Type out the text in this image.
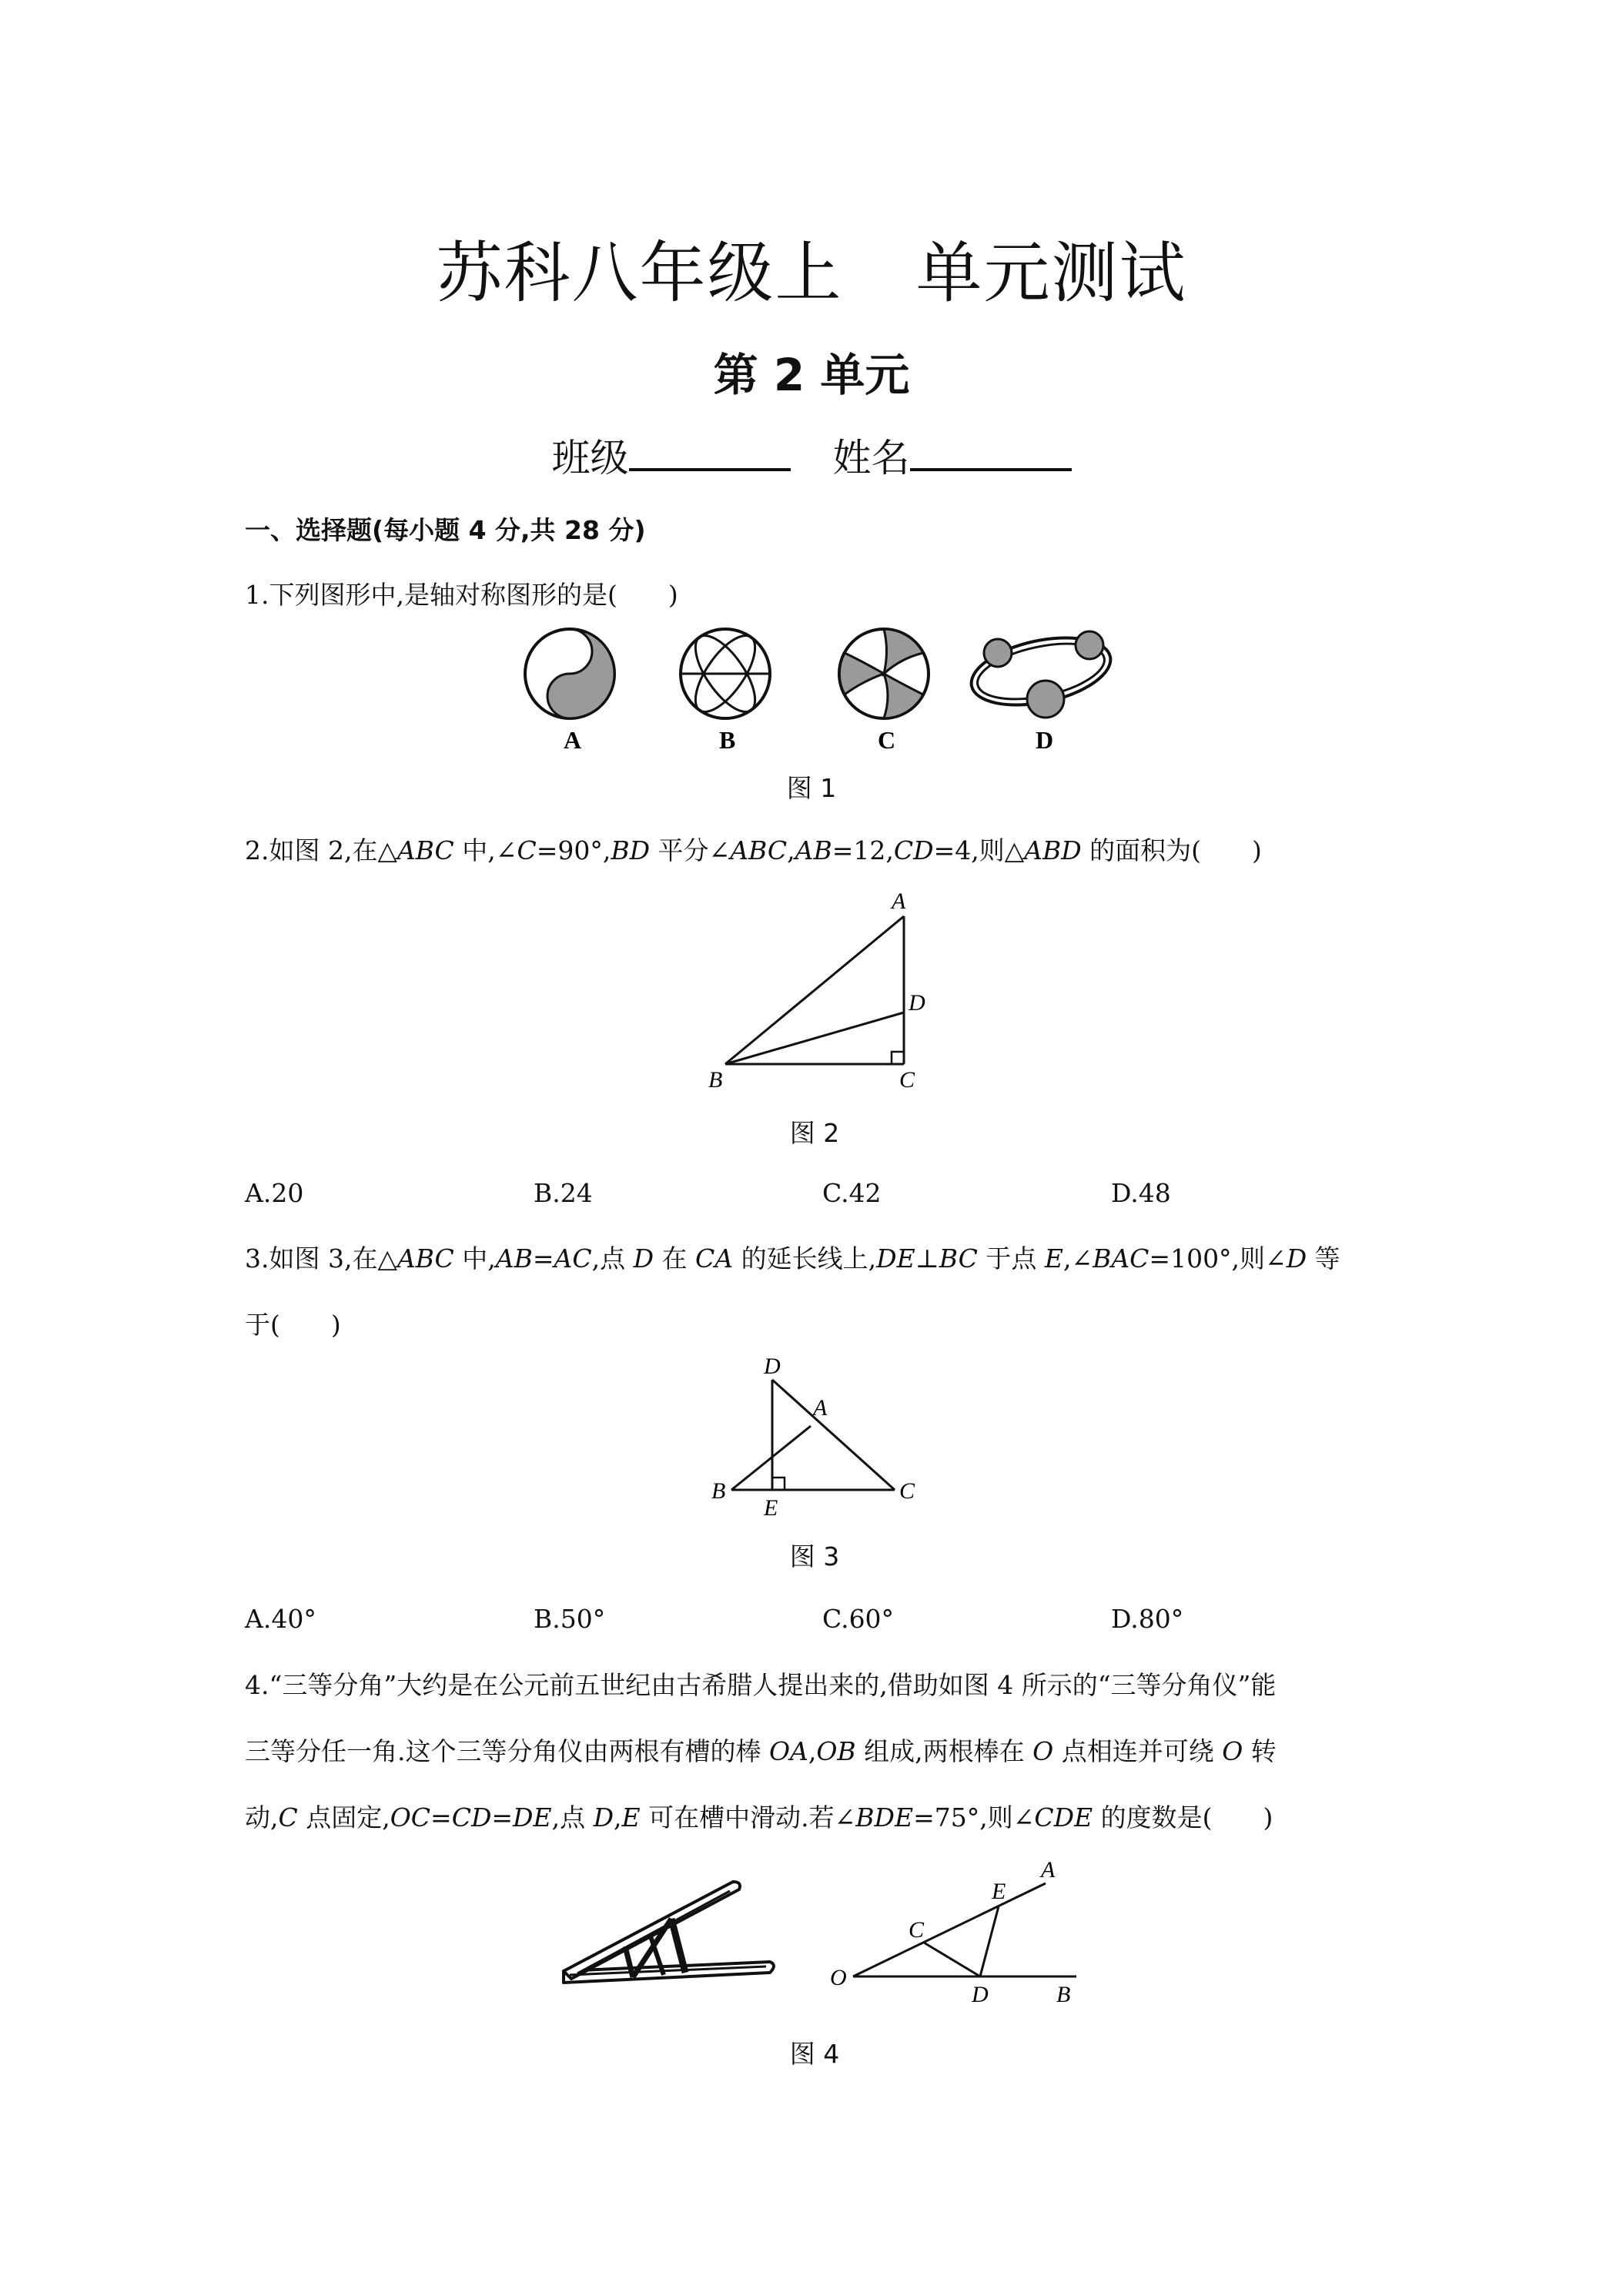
苏科八年级上 单元测试
第 2 单元
班级	姓名
一、选择题(每小题 4 分,共 28 分)
1.下列图形中,是轴对称图形的是(　　)
A	B	C	D
图 1
2.如图 2,在△ABC 中,∠C=90°,BD 平分∠ABC,AB=12,CD=4,则△ABD 的面积为(　　)
A
D
B	C
图 2
A.20	B.24	C.42	D.48
3.如图 3,在△ABC 中,AB=AC,点 D 在 CA 的延长线上,DE⊥BC 于点 E,∠BAC=100°,则∠D 等
于(　　)
D
A
B
E
C
图 3
A.40°	B.50°	C.60°	D.80°
4.“三等分角”大约是在公元前五世纪由古希腊人提出来的,借助如图 4 所示的“三等分角仪”能
三等分任一角.这个三等分角仪由两根有槽的棒 OA,OB 组成,两根棒在 O 点相连并可绕 O 转
动,C 点固定,OC=CD=DE,点 D,E 可在槽中滑动.若∠BDE=75°,则∠CDE 的度数是(　　)
O
C
E
A
D	B
图 4
